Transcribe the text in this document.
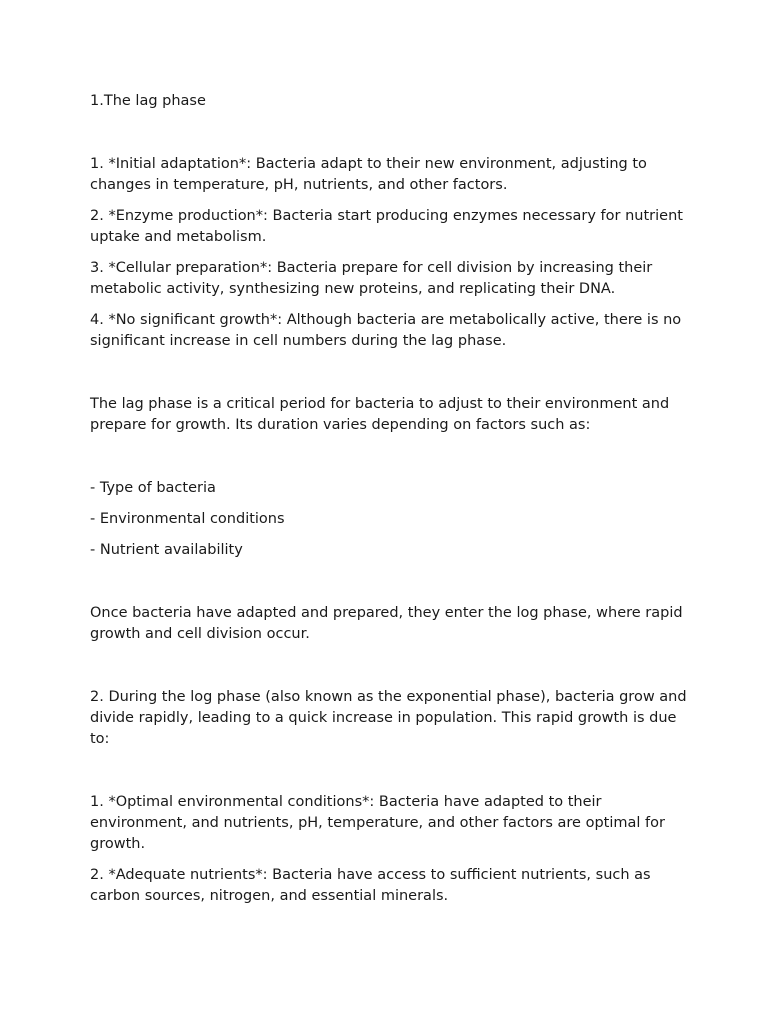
1.The lag phase

1. *Initial adaptation*: Bacteria adapt to their new environment, adjusting to changes in temperature, pH, nutrients, and other factors.

2. *Enzyme production*: Bacteria start producing enzymes necessary for nutrient uptake and metabolism.

3. *Cellular preparation*: Bacteria prepare for cell division by increasing their metabolic activity, synthesizing new proteins, and replicating their DNA.

4. *No significant growth*: Although bacteria are metabolically active, there is no significant increase in cell numbers during the lag phase.

The lag phase is a critical period for bacteria to adjust to their environment and prepare for growth. Its duration varies depending on factors such as:

- Type of bacteria

- Environmental conditions

- Nutrient availability

Once bacteria have adapted and prepared, they enter the log phase, where rapid growth and cell division occur.

2. During the log phase (also known as the exponential phase), bacteria grow and divide rapidly, leading to a quick increase in population. This rapid growth is due to:

1. *Optimal environmental conditions*: Bacteria have adapted to their environment, and nutrients, pH, temperature, and other factors are optimal for growth.

2. *Adequate nutrients*: Bacteria have access to sufficient nutrients, such as carbon sources, nitrogen, and essential minerals.
